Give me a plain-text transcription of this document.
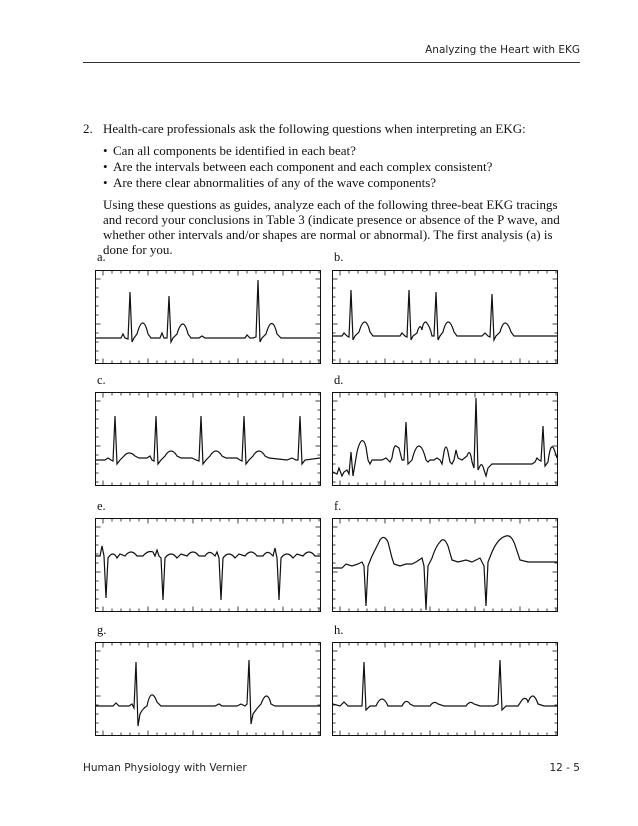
Analyzing the Heart with EKG
2. Health-care professionals ask the following questions when interpreting an EKG:
• Can all components be identified in each beat?
• Are the intervals between each component and each complex consistent?
• Are there clear abnormalities of any of the wave components?
Using these questions as guides, analyze each of the following three-beat EKG tracings and record your conclusions in Table 3 (indicate presence or absence of the P wave, and whether other intervals and/or shapes are normal or abnormal). The first analysis (a) is done for you.
a.	b.
c.	d.
e.	f.
g.	h.
Human Physiology with Vernier	12 - 5
